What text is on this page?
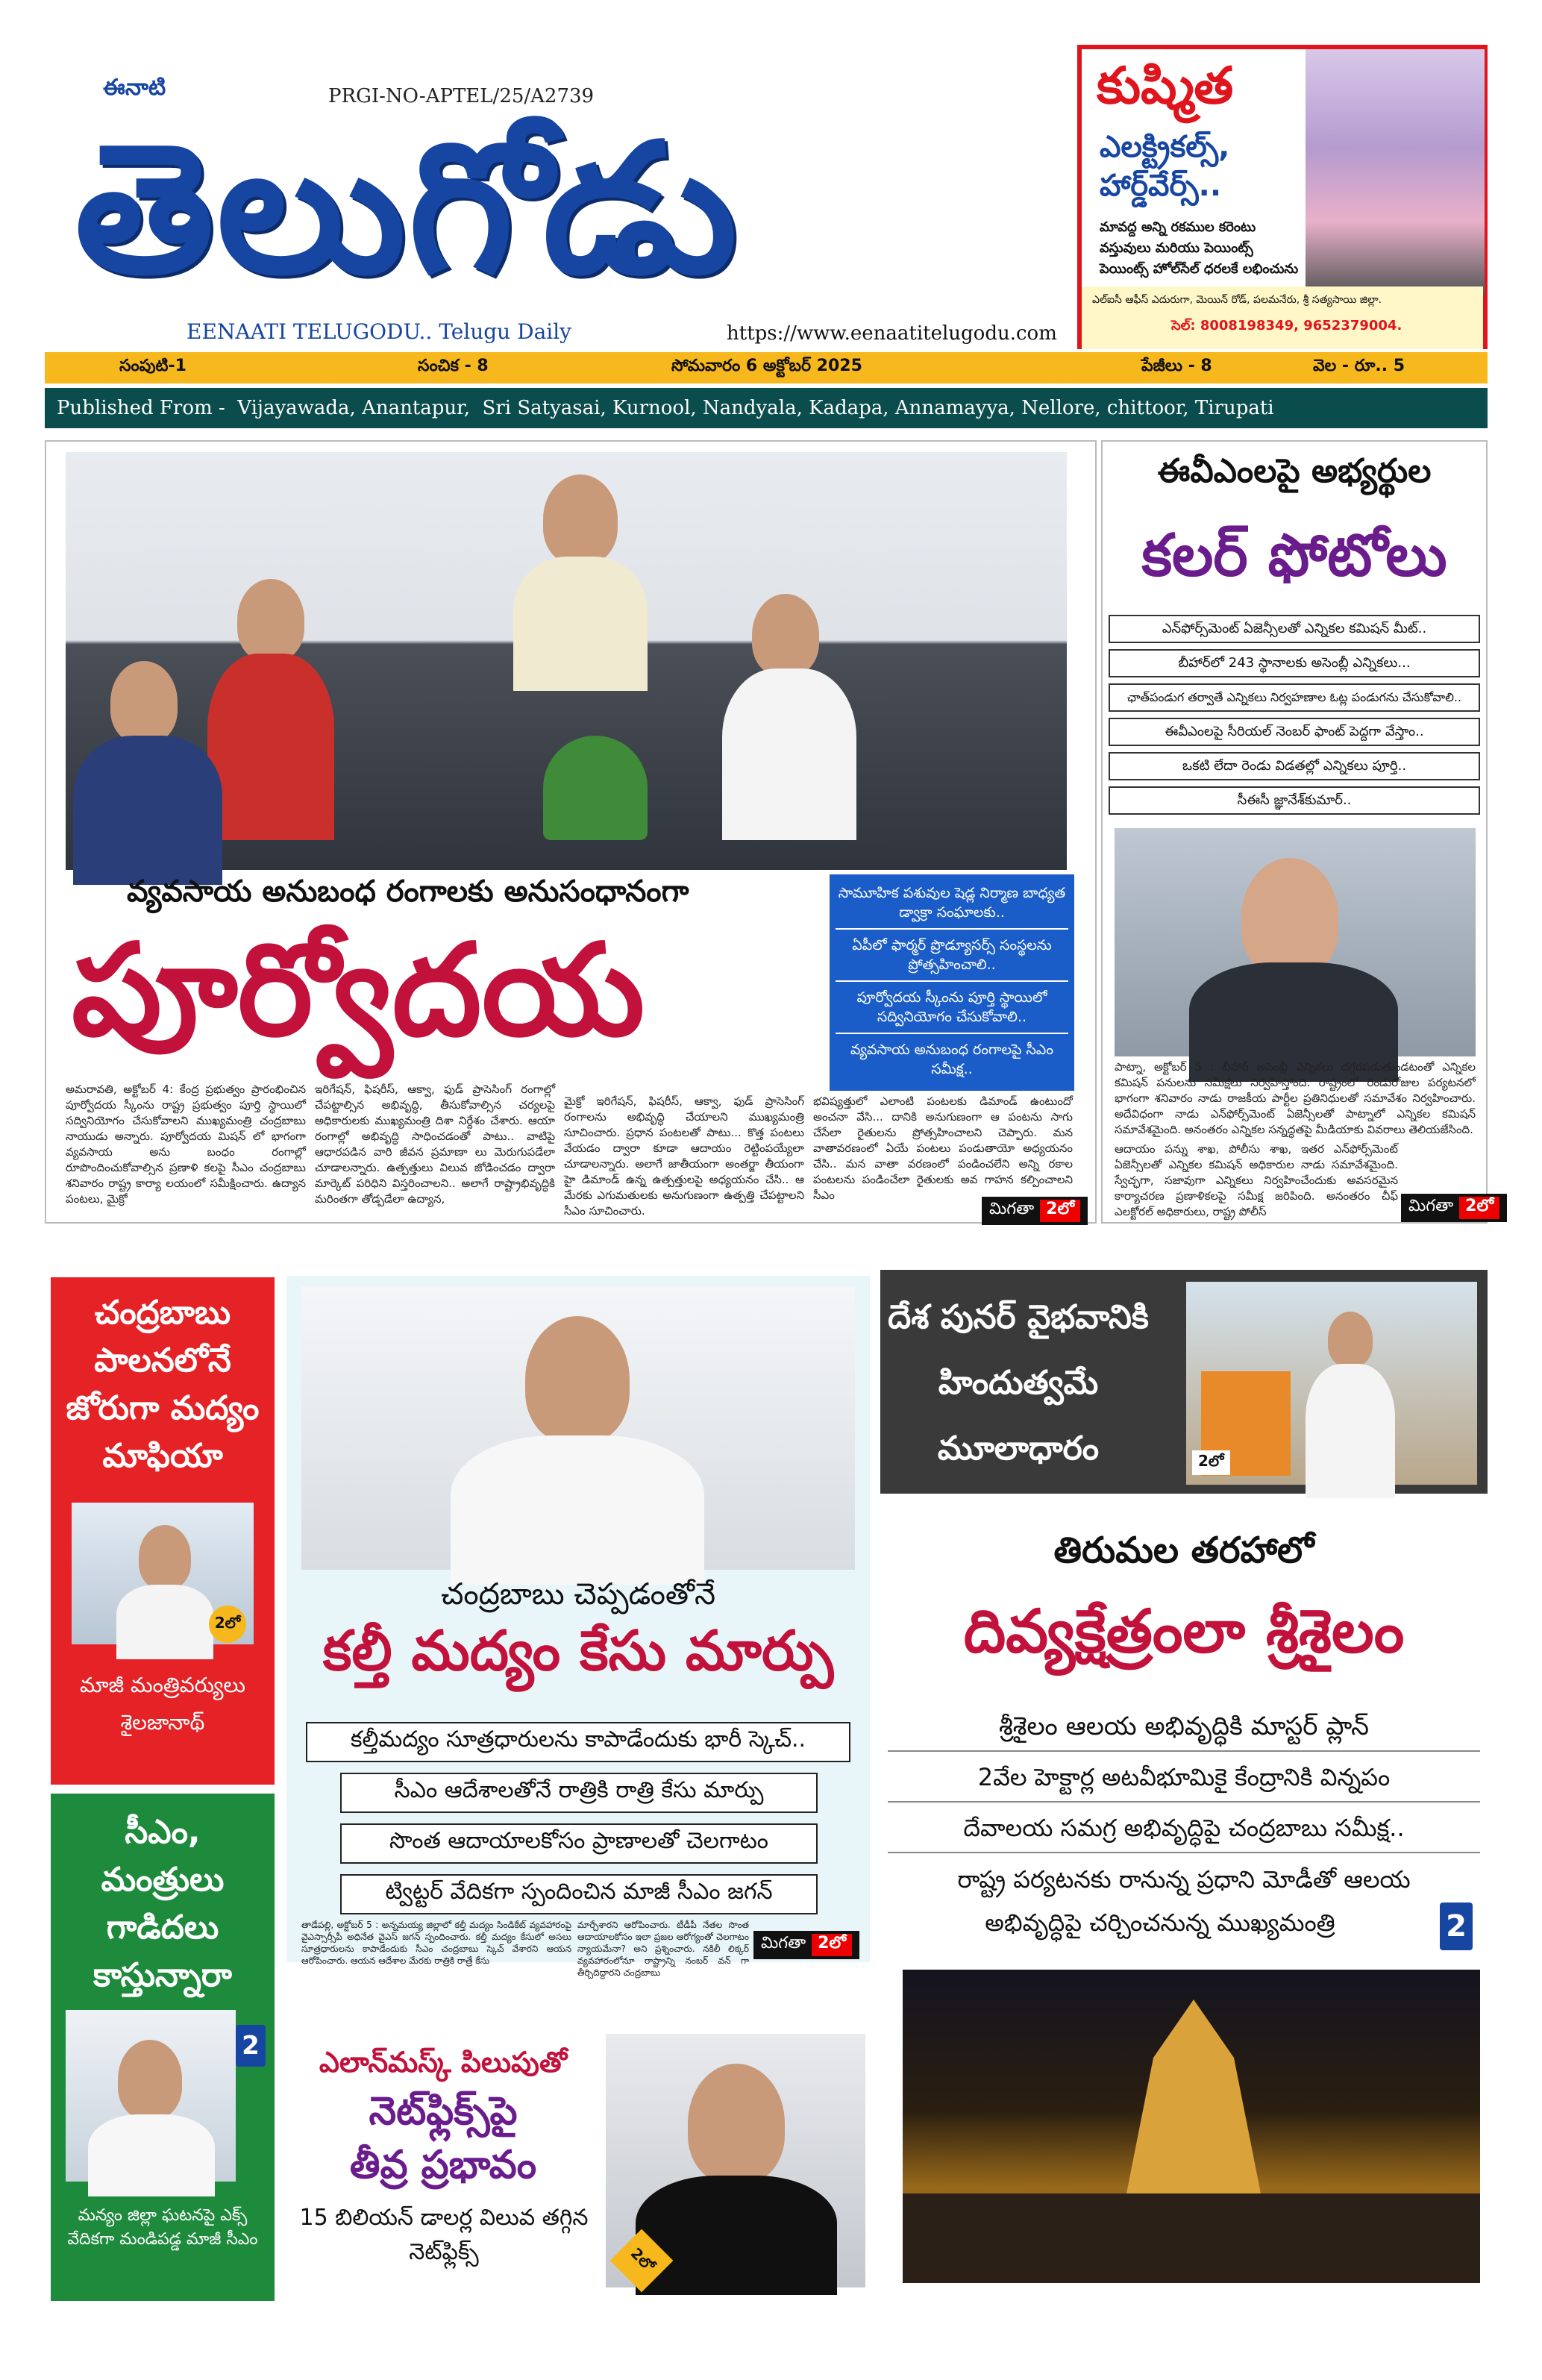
ఈనాటి	PRGI-NO-APTEL/25/A2739
తెలుగోడు
EENAATI TELUGODU.. Telugu Daily	https://www.eenaatitelugodu.com
కుష్మిత
ఎలక్ట్రికల్స్,
హార్డ్‌వేర్స్..
మావద్ద అన్ని రకముల కరెంటు
వస్తువులు మరియు పెయింట్స్
పెయింట్స్ హోల్‌సేల్ ధరలకే లభించును
ఎల్‌ఐసీ ఆఫీస్ ఎదురుగా, మెయిన్ రోడ్, పలమనేరు, శ్రీ సత్యసాయి జిల్లా.
సెల్: 8008198349, 9652379004.
సంపుటి-1	సంచిక - 8	సోమవారం 6 అక్టోబర్ 2025	పేజీలు - 8	వెల - రూ.. 5
Published From -  Vijayawada, Anantapur,  Sri Satyasai, Kurnool, Nandyala, Kadapa, Annamayya, Nellore, chittoor, Tirupati
వ్యవసాయ అనుబంధ రంగాలకు అనుసంధానంగా
పూర్వోదయ
సామూహిక పశువుల షెడ్ల నిర్మాణ బాధ్యత డ్వాక్రా సంఘాలకు..
ఏపీలో ఫార్మర్ ప్రొడ్యూసర్స్ సంస్థలను ప్రోత్సహించాలి..
పూర్వోదయ స్కీంను పూర్తి స్థాయిలో సద్వినియోగం చేసుకోవాలి..
వ్యవసాయ అనుబంధ రంగాలపై సీఎం సమీక్ష..
అమరావతి, అక్టోబర్ 4: కేంద్ర ప్రభుత్వం ప్రారంభించిన పూర్వోదయ స్కీంను రాష్ట్ర ప్రభుత్వం పూర్తి స్థాయిలో సద్వినియోగం చేసుకోవాలని ముఖ్యమంత్రి చంద్రబాబు నాయుడు అన్నారు. పూర్వోదయ మిషన్ లో భాగంగా వ్యవసాయ అను బంధం రంగాల్లో రూపొందించుకోవాల్సిన ప్రణాళి కలపై సీఎం చంద్రబాబు శనివారం రాష్ట్ర కార్యా లయంలో సమీక్షించారు. ఉద్యాన పంటలు, మైక్రో
ఇరిగేషన్, ఫిషరీస్, ఆక్వా, ఫుడ్ ప్రాసెసింగ్ రంగాల్లో చేపట్టాల్సిన అభివృద్ధి, తీసుకోవాల్సిన చర్యలపై అధికారులకు ముఖ్యమంత్రి దిశా నిర్దేశం చేశారు. ఆయా రంగాల్లో అభివృద్ధి సాధించడంతో పాటు.. వాటిపై ఆధారపడిన వారి జీవన ప్రమాణా లు మెరుగుపడేలా చూడాలన్నారు. ఉత్పత్తులు విలువ జోడించడం ద్వారా మార్కెట్ పరిధిని విస్తరించాలని.. అలాగే రాష్ట్రాభివృద్ధికి మరింతగా తోడ్పడేలా ఉద్యాన,
మైక్రో ఇరిగేషన్, ఫిషరీస్, ఆక్వా, ఫుడ్ ప్రాసెసింగ్ రంగాలను అభివృద్ధి చేయాలని ముఖ్యమంత్రి సూచించారు. ప్రధాన పంటలతో పాటు... కొత్త పంటలు వేయడం ద్వారా కూడా ఆదాయం రెట్టింపయ్యేలా చూడాలన్నారు. అలాగే జాతీయంగా అంతర్జా తీయంగా హై డిమాండ్ ఉన్న ఉత్పత్తులపై అధ్యయనం చేసి.. ఆ మేరకు ఎగుమతులకు అనుగుణంగా ఉత్పత్తి చేపట్టాలని సీఎం సూచించారు.
భవిష్యత్తులో ఎలాంటి పంటలకు డిమాండ్ ఉంటుందో అంచనా వేసి... దానికి అనుగుణంగా ఆ పంటను సాగు చేసేలా రైతులను ప్రోత్సహించాలని చెప్పారు. మన వాతావరణంలో ఏయే పంటలు పండుతాయో అధ్యయనం చేసి.. మన వాతా వరణంలో పండించలేని అన్ని రకాల పంటలను పండించేలా రైతులకు అవ గాహన కల్పించాలని సీఎం
మిగతా 2లో
ఈవీఎంలపై అభ్యర్థుల
కలర్ ఫోటోలు
ఎన్‌ఫోర్స్‌మెంట్ ఏజెన్సీలతో ఎన్నికల కమిషన్ మీట్..
బీహార్‌లో 243 స్థానాలకు అసెంబ్లీ ఎన్నికలు...
ఛాత్‌పండుగ తర్వాతే ఎన్నికలు నిర్వహణాల ఓట్ల పండుగను చేసుకోవాలి..
ఈవీఎంలపై సీరియల్ నెంబర్ ఫాంట్ పెద్దగా వేస్తాం..
ఒకటి లేదా రెండు విడతల్లో ఎన్నికలు పూర్తి..
సీఈసీ జ్ఞానేశ్‌కుమార్..
పాట్నా, అక్టోబర్ 5 : బీహార్ అసెంబ్లీ ఎన్నికలు దగ్గరపడుతుండటంతో ఎన్నికల కమిషన్ పనులను సమీక్షలు నిర్వహిస్తోంది. రాష్ట్రంలో రెండురోజుల పర్యటనలో భాగంగా శనివారం నాడు రాజకీయ పార్టీల ప్రతినిధులతో సమావేశం నిర్వహించారు. అదేవిధంగా నాడు ఎన్‌ఫోర్స్‌మెంట్ ఏజెన్సీలతో పాట్నాలో ఎన్నికల కమిషన్ సమావేశమైంది. అనంతరం ఎన్నికల సన్నద్ధతపై మీడియాకు వివరాలు తెలియజేసింది.
ఆదాయం పన్ను శాఖ, పోలీసు శాఖ, ఇతర ఎన్‌ఫోర్స్‌మెంట్ ఏజెన్సీలతో ఎన్నికల కమిషన్ అధికారుల నాడు సమావేశమైంది. స్వేచ్ఛగా, సజావుగా ఎన్నికలు నిర్వహించేందుకు అవసరమైన కార్యాచరణ ప్రణాళికలపై సమీక్ష జరిపింది. అనంతరం చీఫ్ ఎలక్టోరల్ అధికారులు, రాష్ట్ర పోలీస్	మిగతా 2లో
చంద్రబాబు పాలనలోనే జోరుగా మద్యం మాఫియా
2లో
మాజీ మంత్రివర్యులు
శైలజానాథ్
చంద్రబాబు చెప్పడంతోనే
కల్తీ మద్యం కేసు మార్పు
కల్తీమద్యం సూత్రధారులను కాపాడేందుకు భారీ స్కెచ్..
సీఎం ఆదేశాలతోనే రాత్రికి రాత్రి కేసు మార్పు
సొంత ఆదాయాలకోసం ప్రాణాలతో చెలగాటం
ట్విట్టర్ వేదికగా స్పందించిన మాజీ సీఎం జగన్
తాడేపల్లి, అక్టోబర్ 5 : అన్నమయ్య జిల్లాలో కల్తీ మద్యం సిండికేట్ వ్యవహారంపై వైఎస్సార్సీపీ అధినేత వైఎస్ జగన్ స్పందించారు. కల్తీ మద్యం కేసులో అసలు సూత్రధారులను కాపాడేందుకు సీఎం చంద్రబాబు స్కెచ్ వేశారని ఆయన ఆరోపించారు. ఆయన ఆదేశాల మేరకు రాత్రికి రాత్రే కేసు
మార్చేశారని ఆరోపించారు. టీడీపీ నేతల సొంత ఆదాయాలకోసం ఇలా ప్రజల ఆరోగ్యంతో చెలగాటం న్యాయమేనా? అని ప్రశ్నించారు. నకిలీ లిక్కర్ వ్యవహారంలోనూ రాష్ట్రాన్ని నంబర్ వన్ గా తీర్చిదిద్దారని చంద్రబాబు
మిగతా 2లో
దేశ పునర్ వైభవానికి హిందుత్వమే మూలాధారం	2లో
తిరుమల తరహాలో
దివ్యక్షేత్రంలా శ్రీశైలం
శ్రీశైలం ఆలయ అభివృద్ధికి మాస్టర్ ప్లాన్
2వేల హెక్టార్ల అటవీభూమికై కేంద్రానికి విన్నపం
దేవాలయ సమగ్ర అభివృద్ధిపై చంద్రబాబు సమీక్ష..
రాష్ట్ర పర్యటనకు రానున్న ప్రధాని మోడీతో ఆలయ
అభివృద్ధిపై చర్చించనున్న ముఖ్యమంత్రి	2
సీఎం, మంత్రులు గాడిదలు కాస్తున్నారా
2
మన్యం జిల్లా ఘటనపై ఎక్స్ వేదికగా మండిపడ్డ మాజీ సీఎం
ఎలాన్‌మస్క్ పిలుపుతో
నెట్‌ఫ్లిక్స్‌పై
తీవ్ర ప్రభావం
15 బిలియన్ డాలర్ల విలువ తగ్గిన నెట్‌ఫ్లిక్స్	2లో
